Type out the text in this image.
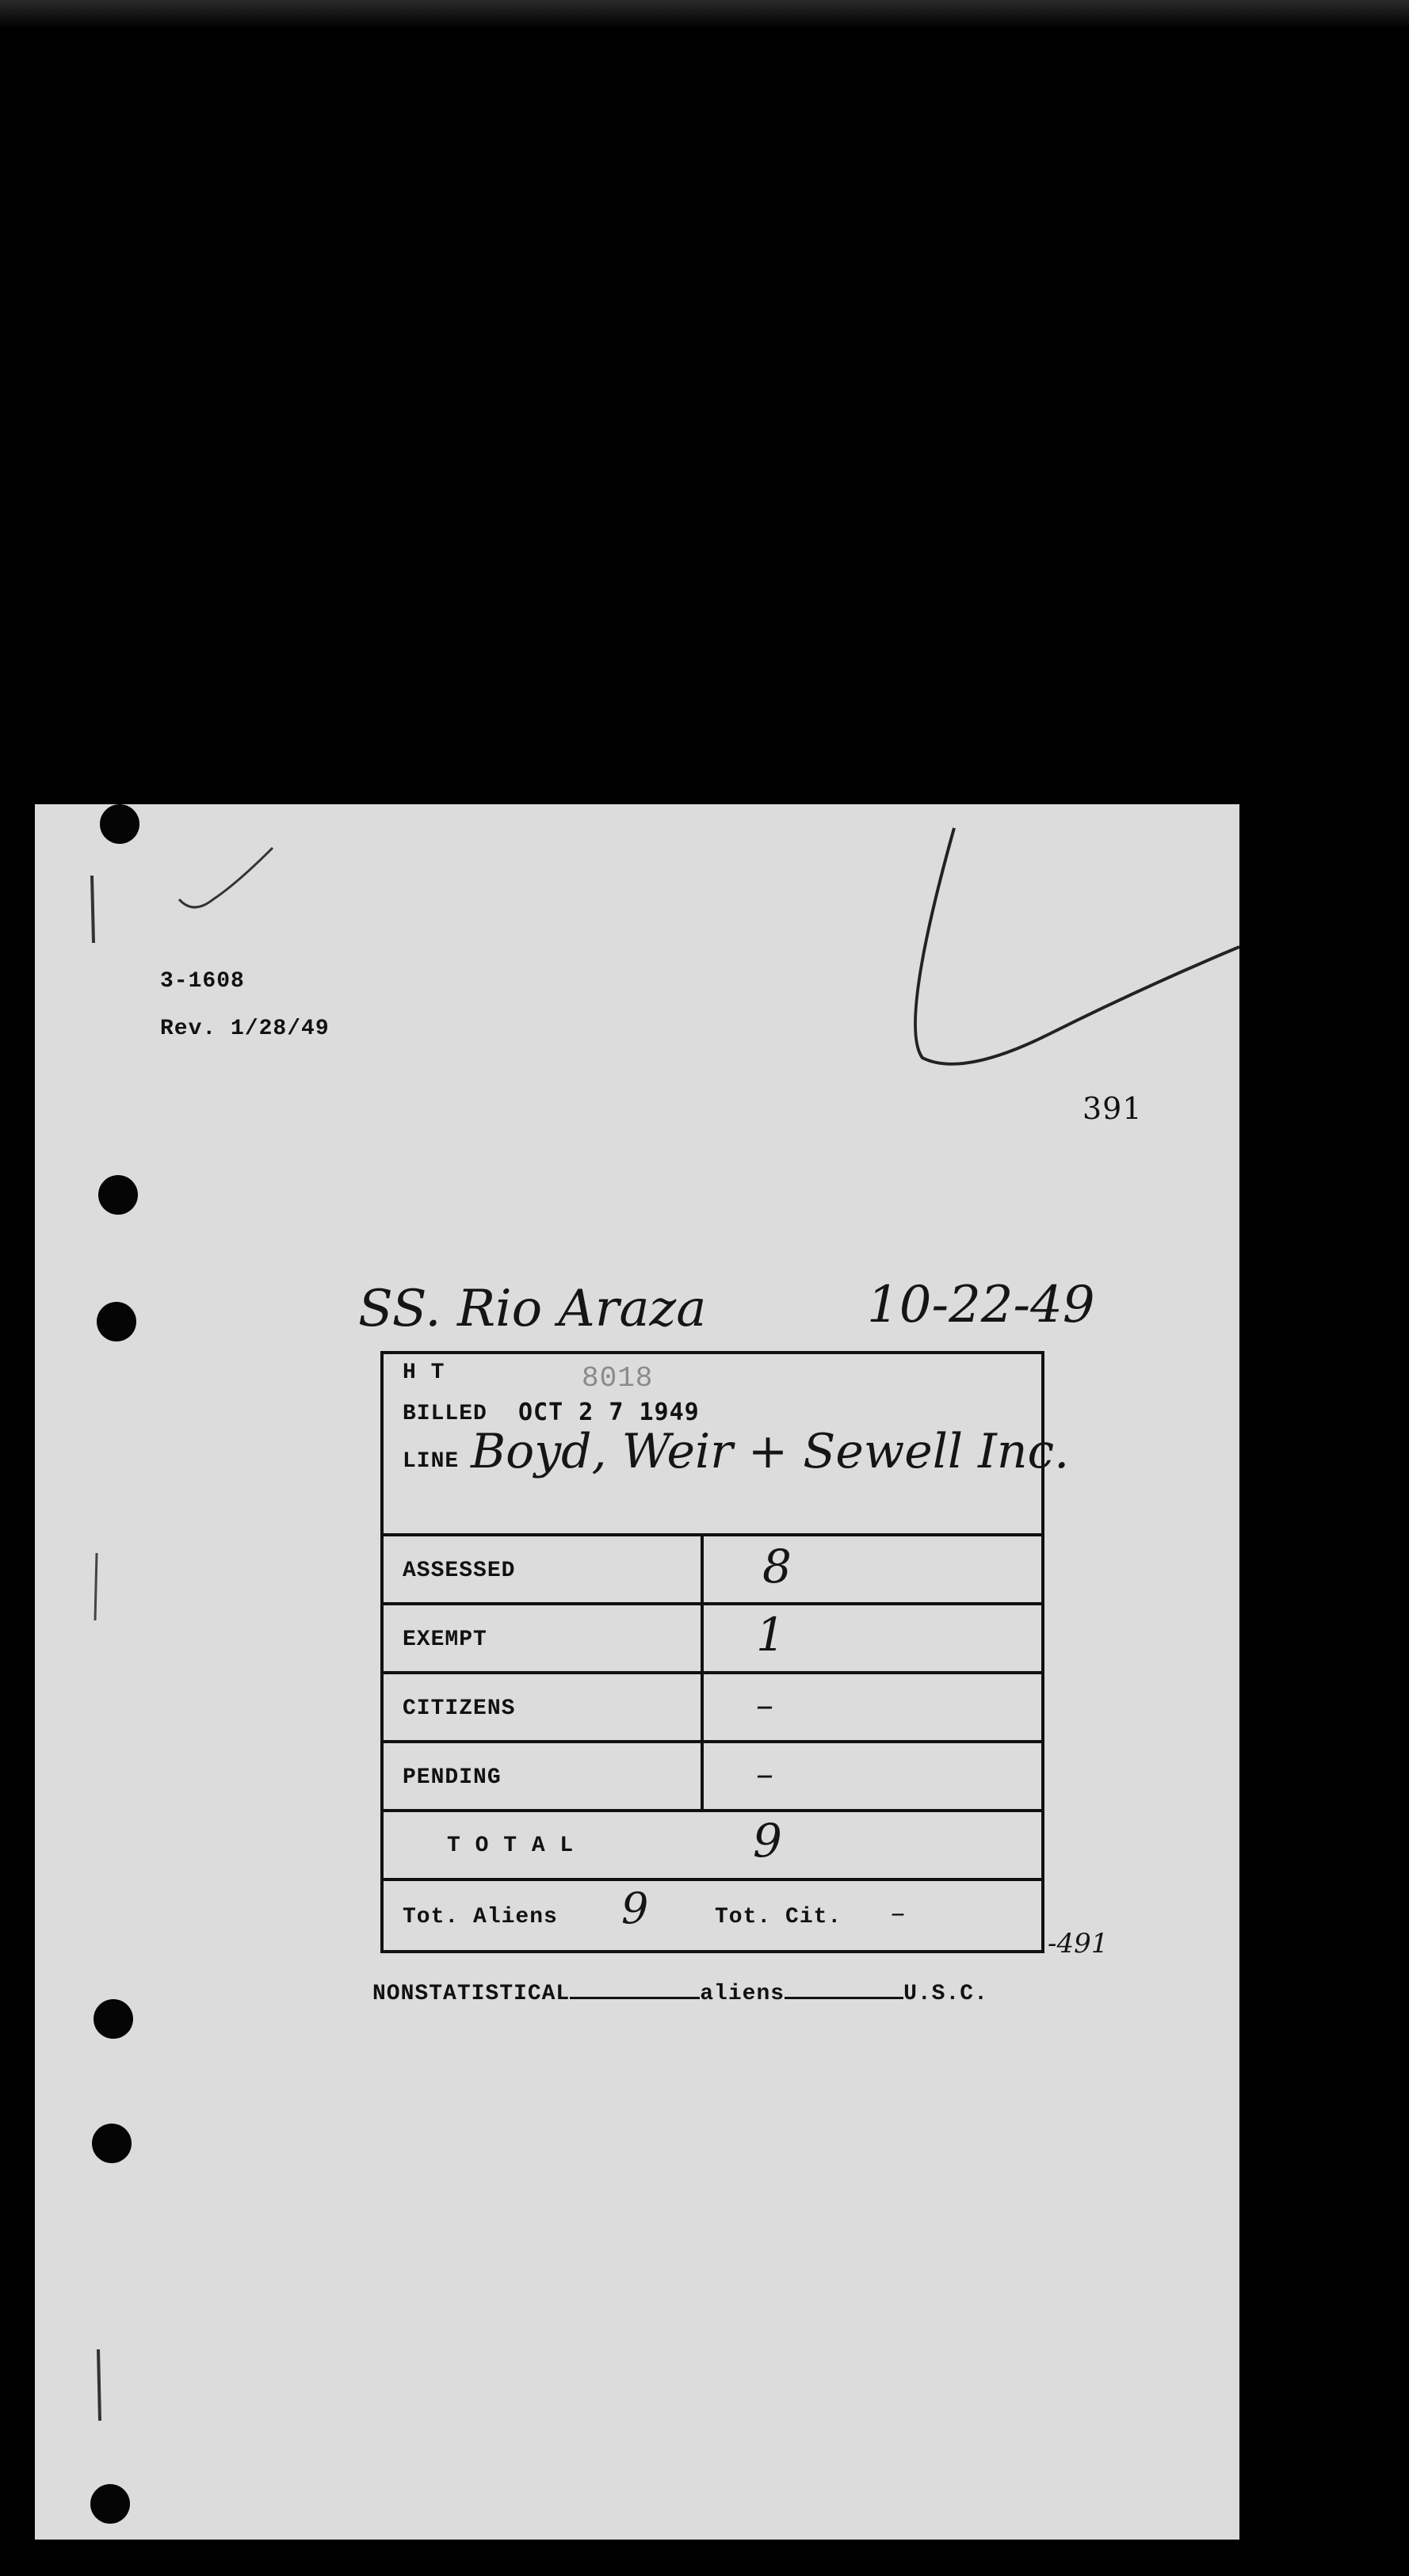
3-1608
Rev. 1/28/49
391
SS. Rio Araza	10-22-49
H T	8018
BILLED OCT 2 7 1949
LINE Boyd, Weir + Sewell Inc.
ASSESSED	8
EXEMPT	1
CITIZENS	–
PENDING	–
T O T A L	9
Tot. Aliens 9	Tot. Cit. –
-491
NONSTATISTICAL	aliens	U.S.C.
